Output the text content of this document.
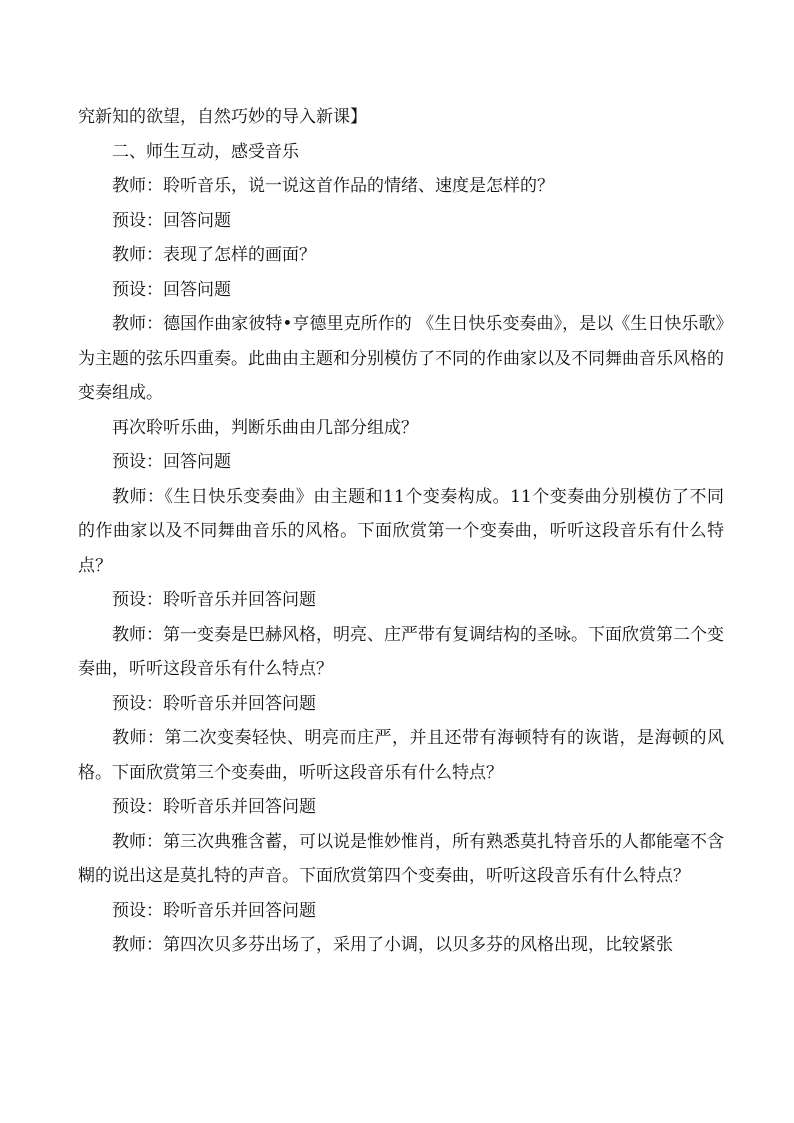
究新知的欲望，自然巧妙的导入新课】

二、师生互动，感受音乐

教师：聆听音乐，说一说这首作品的情绪、速度是怎样的？

预设：回答问题

教师：表现了怎样的画面？

预设：回答问题

教师：德国作曲家彼特•亨德里克所作的 《生日快乐变奏曲》，是以《生日快乐歌》为主题的弦乐四重奏。此曲由主题和分别模仿了不同的作曲家以及不同舞曲音乐风格的变奏组成。

再次聆听乐曲，判断乐曲由几部分组成？

预设：回答问题

教师：《生日快乐变奏曲》由主题和11个变奏构成。11个变奏曲分别模仿了不同的作曲家以及不同舞曲音乐的风格。下面欣赏第一个变奏曲，听听这段音乐有什么特点？

预设：聆听音乐并回答问题

教师：第一变奏是巴赫风格，明亮、庄严带有复调结构的圣咏。下面欣赏第二个变奏曲，听听这段音乐有什么特点？

预设：聆听音乐并回答问题

教师：第二次变奏轻快、明亮而庄严，并且还带有海顿特有的诙谐，是海顿的风格。下面欣赏第三个变奏曲，听听这段音乐有什么特点？

预设：聆听音乐并回答问题

教师：第三次典雅含蓄，可以说是惟妙惟肖，所有熟悉莫扎特音乐的人都能毫不含糊的说出这是莫扎特的声音。下面欣赏第四个变奏曲，听听这段音乐有什么特点？

预设：聆听音乐并回答问题

教师：第四次贝多芬出场了，采用了小调，以贝多芬的风格出现，比较紧张
